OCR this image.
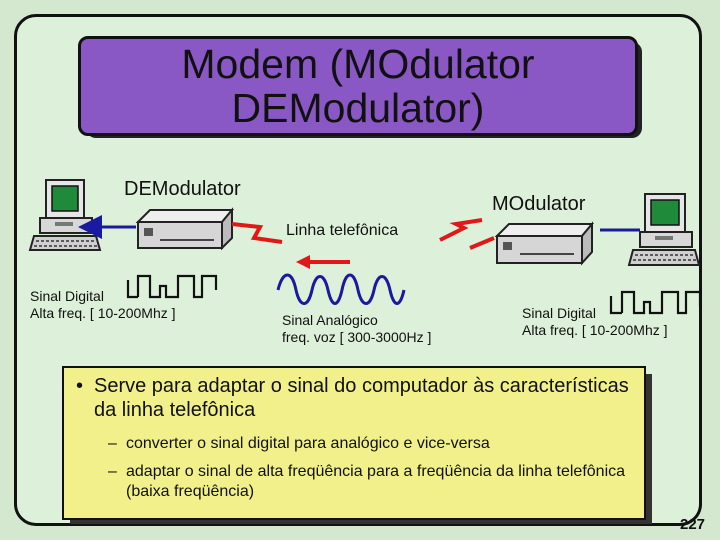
Modem (MOdulator
DEModulator)
DEModulator
MOdulator
Linha telefônica
Sinal Digital
Alta freq. [ 10-200Mhz ]	Sinal Analógico
freq. voz [ 300-3000Hz ]
Sinal Digital
Alta freq. [ 10-200Mhz ]
• Serve para adaptar o sinal do computador às características da linha telefônica
– converter o sinal digital para analógico e vice-versa
– adaptar o sinal de alta freqüência para a freqüência da linha telefônica (baixa freqüência)
227
